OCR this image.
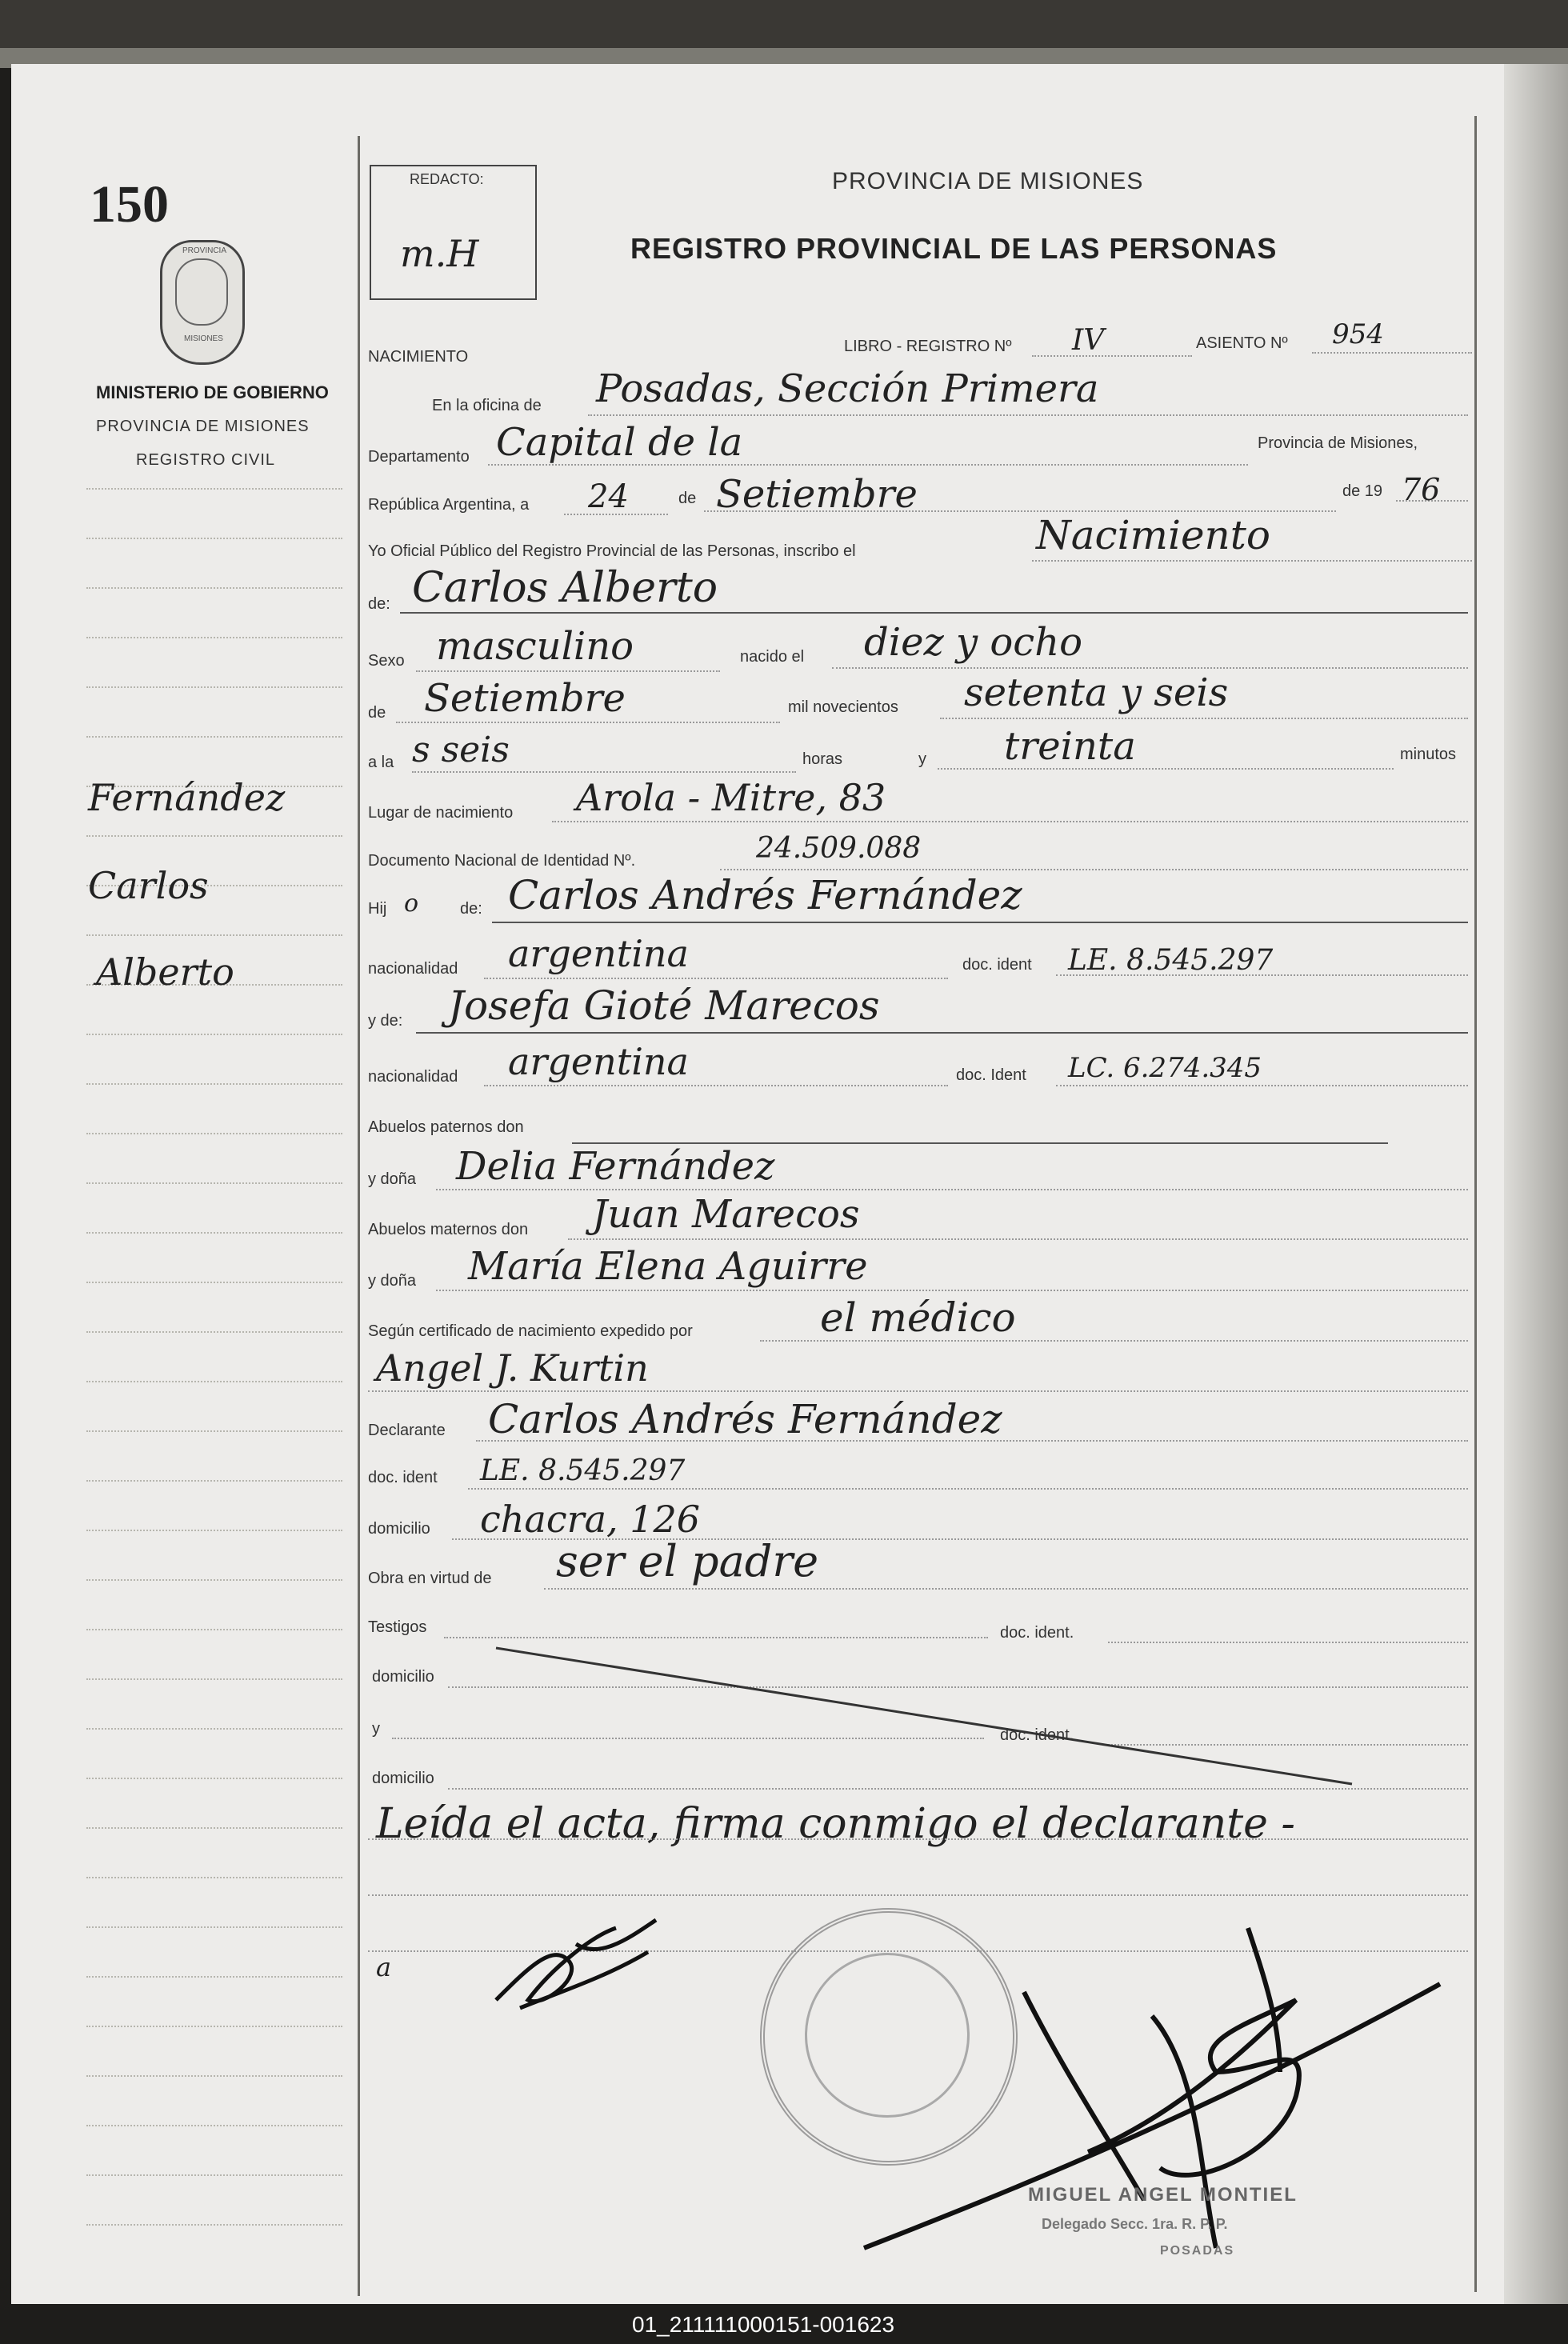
150
PROVINCIA
MISIONES
MINISTERIO DE GOBIERNO
PROVINCIA DE MISIONES
REGISTRO CIVIL
REDACTO:
m.H
PROVINCIA DE MISIONES
REGISTRO PROVINCIAL DE LAS PERSONAS
Fernández
Carlos
Alberto
NACIMIENTO
LIBRO - REGISTRO Nº IV	ASIENTO Nº 954
En la oficina de Posadas, Sección Primera
Departamento Capital de la	Provincia de Misiones,
República Argentina, a 24	de Setiembre	de 19 76
Yo Oficial Público del Registro Provincial de las Personas, inscribo el	Nacimiento
de: Carlos Alberto
Sexo masculino	nacido el diez y ocho
de Setiembre	mil novecientos setenta y seis
a la s seis	horas	y treinta	minutos
Lugar de nacimiento Arola - Mitre, 83
Documento Nacional de Identidad Nº.	24.509.088
Hij o	de: Carlos Andrés Fernández
nacionalidad argentina	doc. ident LE. 8.545.297
y de: Josefa Gioté Marecos
nacionalidad argentina	doc. Ident LC. 6.274.345
Abuelos paternos don
y doña Delia Fernández
Abuelos maternos don Juan Marecos
y doña María Elena Aguirre
Según certificado de nacimiento expedido por	el médico
Angel J. Kurtin
Declarante Carlos Andrés Fernández
doc. ident LE. 8.545.297
domicilio chacra, 126
Obra en virtud de ser el padre
Testigos	doc. ident.
domicilio
y	doc. ident.
domicilio
Leída el acta, firma conmigo el declarante -
a
MIGUEL ANGEL MONTIEL
Delegado Secc. 1ra. R. P. P.
POSADAS
01_211111000151-001623
